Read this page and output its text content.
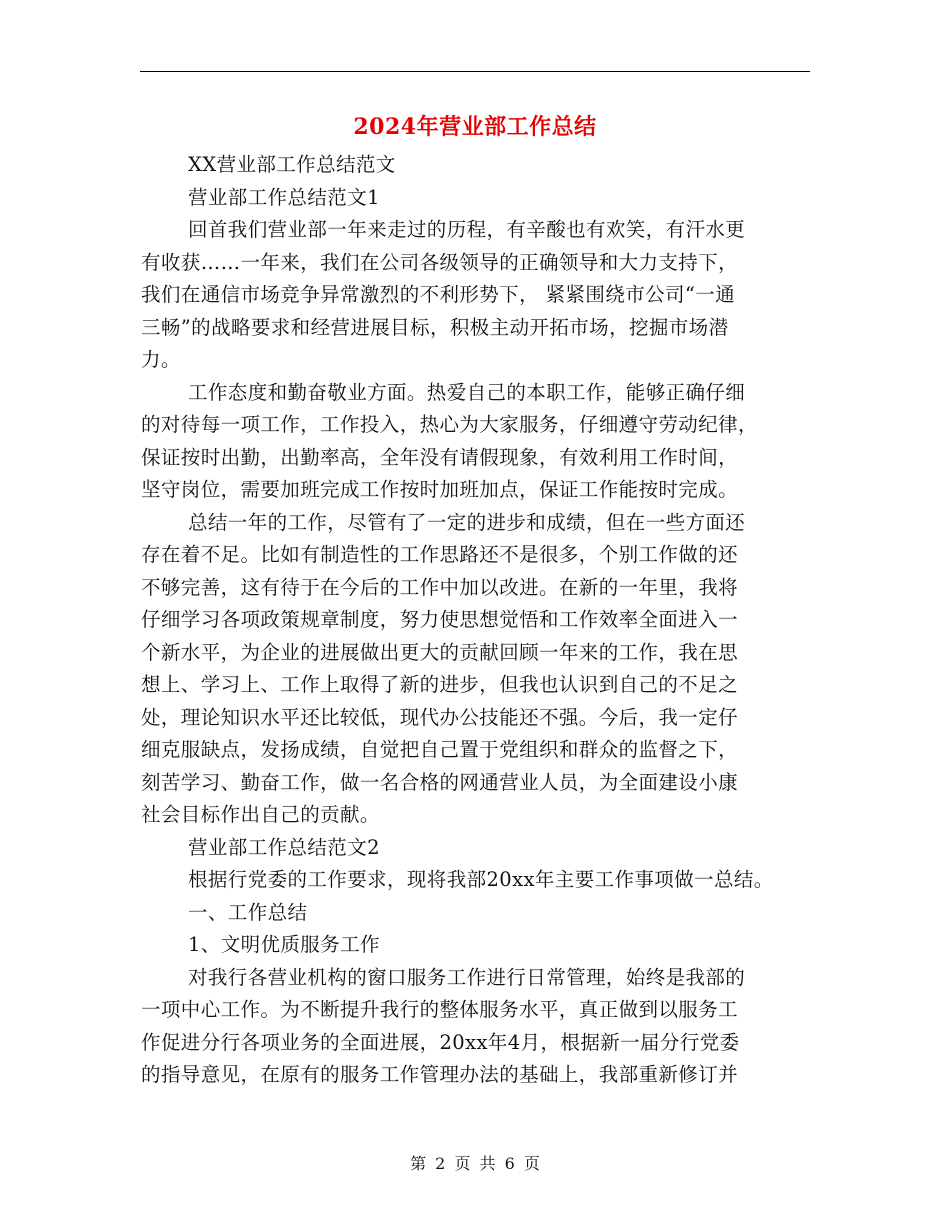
2024年营业部工作总结
XX营业部工作总结范文
营业部工作总结范文1
回首我们营业部一年来走过的历程，有辛酸也有欢笑，有汗水更
有收获……一年来，我们在公司各级领导的正确领导和大力支持下，
我们在通信市场竞争异常激烈的不利形势下， 紧紧围绕市公司“一通
三畅”的战略要求和经营进展目标，积极主动开拓市场，挖掘市场潜
力。
工作态度和勤奋敬业方面。热爱自己的本职工作，能够正确仔细
的对待每一项工作，工作投入，热心为大家服务，仔细遵守劳动纪律，
保证按时出勤，出勤率高，全年没有请假现象，有效利用工作时间，
坚守岗位，需要加班完成工作按时加班加点，保证工作能按时完成。
总结一年的工作，尽管有了一定的进步和成绩，但在一些方面还
存在着不足。比如有制造性的工作思路还不是很多，个别工作做的还
不够完善，这有待于在今后的工作中加以改进。在新的一年里，我将
仔细学习各项政策规章制度，努力使思想觉悟和工作效率全面进入一
个新水平，为企业的进展做出更大的贡献回顾一年来的工作，我在思
想上、学习上、工作上取得了新的进步，但我也认识到自己的不足之
处，理论知识水平还比较低，现代办公技能还不强。今后，我一定仔
细克服缺点，发扬成绩，自觉把自己置于党组织和群众的监督之下，
刻苦学习、勤奋工作，做一名合格的网通营业人员，为全面建设小康
社会目标作出自己的贡献。
营业部工作总结范文2
根据行党委的工作要求，现将我部20xx年主要工作事项做一总结。
一、工作总结
1、文明优质服务工作
对我行各营业机构的窗口服务工作进行日常管理，始终是我部的
一项中心工作。为不断提升我行的整体服务水平，真正做到以服务工
作促进分行各项业务的全面进展，20xx年4月，根据新一届分行党委
的指导意见，在原有的服务工作管理办法的基础上，我部重新修订并
第 2 页 共 6 页
